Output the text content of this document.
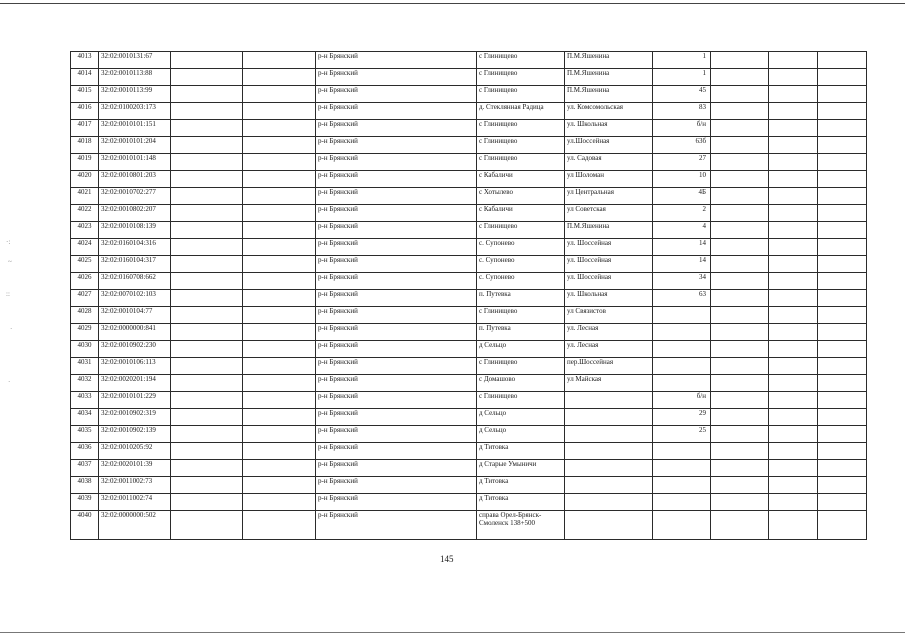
·:
~
::
·
·
4013	32:02:0010131:67			р-н Брянский	с Глинищево	П.М.Яшенина	1			
4014	32:02:0010113:88			р-н Брянский	с Глинищево	П.М.Яшенина	1			
4015	32:02:0010113:99			р-н Брянский	с Глинищево	П.М.Яшенина	45			
4016	32:02:0100203:173			р-н Брянский	д. Стеклянная Радица	ул. Комсомольская	83			
4017	32:02:0010101:151			р-н Брянский	с Глинищево	ул. Школьная	б/н			
4018	32:02:0010101:204			р-н Брянский	с Глинищево	ул.Шоссейная	63б			
4019	32:02:0010101:148			р-н Брянский	с Глинищево	ул. Садовая	27			
4020	32:02:0010801:203			р-н Брянский	с Кабаличи	ул Шоломан	10			
4021	32:02:0010702:277			р-н Брянский	с Хотылево	ул Центральная	4Б			
4022	32:02:0010802:207			р-н Брянский	с Кабаличи	ул Советская	2			
4023	32:02:0010108:139			р-н Брянский	с Глинищево	П.М.Яшенина	4			
4024	32:02:0160104:316			р-н Брянский	с. Супонево	ул. Шоссейная	14			
4025	32:02:0160104:317			р-н Брянский	с. Супонево	ул. Шоссейная	14			
4026	32:02:0160708:662			р-н Брянский	с. Супонево	ул. Шоссейная	34			
4027	32:02:0070102:103			р-н Брянский	п. Путевка	ул. Школьная	63			
4028	32:02:0010104:77			р-н Брянский	с Глинищево	ул Связистов				
4029	32:02:0000000:841			р-н Брянский	п. Путевка	ул. Лесная				
4030	32:02:0010902:230			р-н Брянский	д Сельцо	ул. Лесная				
4031	32:02:0010106:113			р-н Брянский	с Глинищево	пер.Шоссейная				
4032	32:02:0020201:194			р-н Брянский	с Домашово	ул Майская				
4033	32:02:0010101:229			р-н Брянский	с Глинищево		б/н			
4034	32:02:0010902:319			р-н Брянский	д Сельцо		29			
4035	32:02:0010902:139			р-н Брянский	д Сельцо		25			
4036	32:02:0010205:92			р-н Брянский	д Титовка					
4037	32:02:0020101:39			р-н Брянский	д Старые Умыничи					
4038	32:02:0011002:73			р-н Брянский	д Титовка					
4039	32:02:0011002:74			р-н Брянский	д Титовка					
4040	32:02:0000000:502			р-н Брянский	справа Орел-Брянск-Смоленск 138+500					
145
